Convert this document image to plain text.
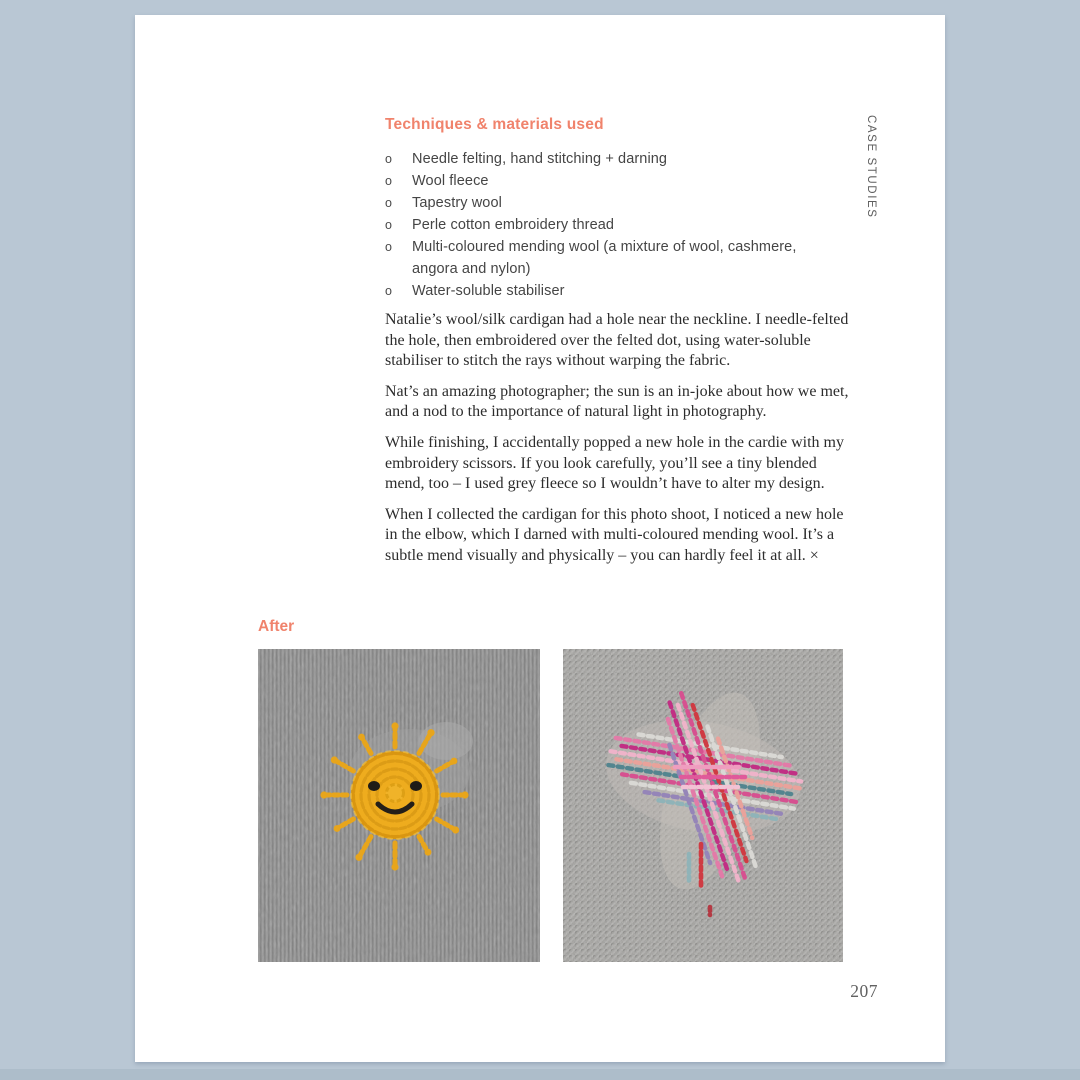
CASE STUDIES
Techniques & materials used
o	Needle felting, hand stitching + darning
o	Wool fleece
o	Tapestry wool
o	Perle cotton embroidery thread
o	Multi-coloured mending wool (a mixture of wool, cashmere, angora and nylon)
o	Water-soluble stabiliser

Natalie’s wool/silk cardigan had a hole near the neckline. I needle-felted the hole, then embroidered over the felted dot, using water-soluble stabiliser to stitch the rays without warping the fabric.

Nat’s an amazing photographer; the sun is an in-joke about how we met, and a nod to the importance of natural light in photography.

While finishing, I accidentally popped a new hole in the cardie with my embroidery scissors. If you look carefully, you’ll see a tiny blended mend, too – I used grey fleece so I wouldn’t have to alter my design.

When I collected the cardigan for this photo shoot, I noticed a new hole in the elbow, which I darned with multi-coloured mending wool. It’s a subtle mend visually and physically – you can hardly feel it at all. ×

After
207
